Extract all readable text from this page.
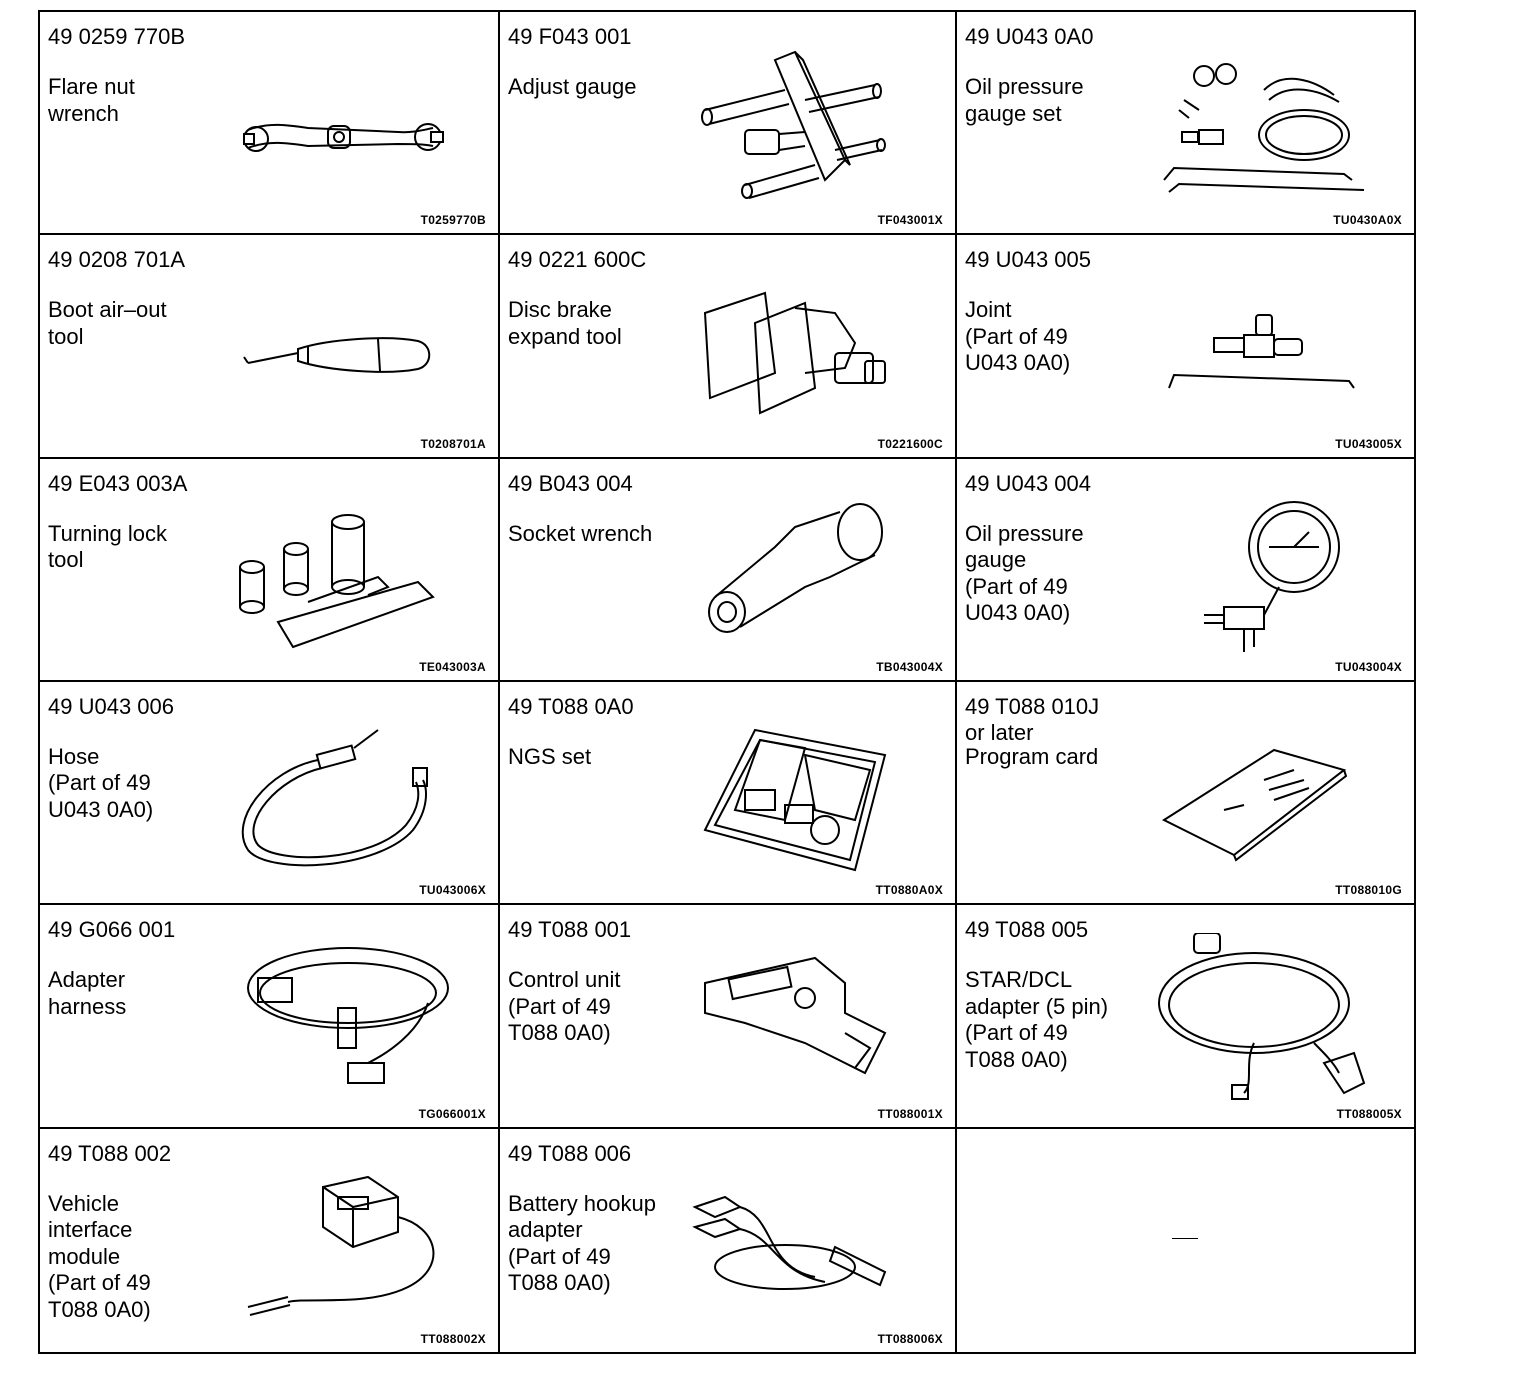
49 0259 770B
Flare nut
wrench
T0259770B
49 F043 001
Adjust gauge
TF043001X
49 U043 0A0
Oil pressure
gauge set
TU0430A0X
49 0208 701A
Boot air–out
tool
T0208701A
49 0221 600C
Disc brake
expand tool
T0221600C
49 U043 005
Joint
(Part of 49
U043 0A0)
TU043005X
49 E043 003A
Turning lock
tool
TE043003A
49 B043 004
Socket wrench
TB043004X
49 U043 004
Oil pressure
gauge
(Part of 49
U043 0A0)
TU043004X
49 U043 006
Hose
(Part of 49
U043 0A0)
TU043006X
49 T088 0A0
NGS set
TT0880A0X
49 T088 010J
or later
Program card
TT088010G
49 G066 001
Adapter
harness
TG066001X
49 T088 001
Control unit
(Part of 49
T088 0A0)
TT088001X
49 T088 005
STAR/DCL
adapter (5 pin)
(Part of 49
T088 0A0)
TT088005X
49 T088 002
Vehicle
interface
module
(Part of 49
T088 0A0)
TT088002X
49 T088 006
Battery hookup
adapter
(Part of 49
T088 0A0)
TT088006X
